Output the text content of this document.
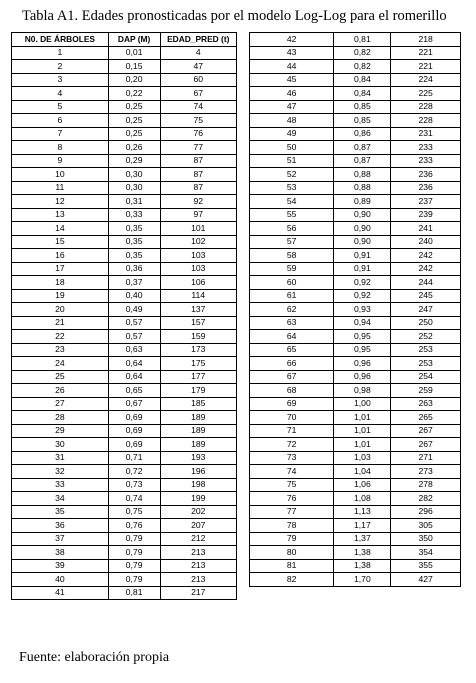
Tabla A1. Edades pronosticadas por el modelo Log-Log para el romerillo
N0. DE ÁRBOLES	DAP (M)	EDAD_PRED (t)
1	0,01	4
2	0,15	47
3	0,20	60
4	0,22	67
5	0,25	74
6	0,25	75
7	0,25	76
8	0,26	77
9	0,29	87
10	0,30	87
11	0,30	87
12	0,31	92
13	0,33	97
14	0,35	101
15	0,35	102
16	0,35	103
17	0,36	103
18	0,37	106
19	0,40	114
20	0,49	137
21	0,57	157
22	0,57	159
23	0,63	173
24	0,64	175
25	0,64	177
26	0,65	179
27	0,67	185
28	0,69	189
29	0,69	189
30	0,69	189
31	0,71	193
32	0,72	196
33	0,73	198
34	0,74	199
35	0,75	202
36	0,76	207
37	0,79	212
38	0,79	213
39	0,79	213
40	0,79	213
41	0,81	217
42	0,81	218
43	0,82	221
44	0,82	221
45	0,84	224
46	0,84	225
47	0,85	228
48	0,85	228
49	0,86	231
50	0,87	233
51	0,87	233
52	0,88	236
53	0,88	236
54	0,89	237
55	0,90	239
56	0,90	241
57	0,90	240
58	0,91	242
59	0,91	242
60	0,92	244
61	0,92	245
62	0,93	247
63	0,94	250
64	0,95	252
65	0,95	253
66	0,96	253
67	0,96	254
68	0,98	259
69	1,00	263
70	1,01	265
71	1,01	267
72	1,01	267
73	1,03	271
74	1,04	273
75	1,06	278
76	1,08	282
77	1,13	296
78	1,17	305
79	1,37	350
80	1,38	354
81	1,38	355
82	1,70	427
Fuente: elaboración propia
